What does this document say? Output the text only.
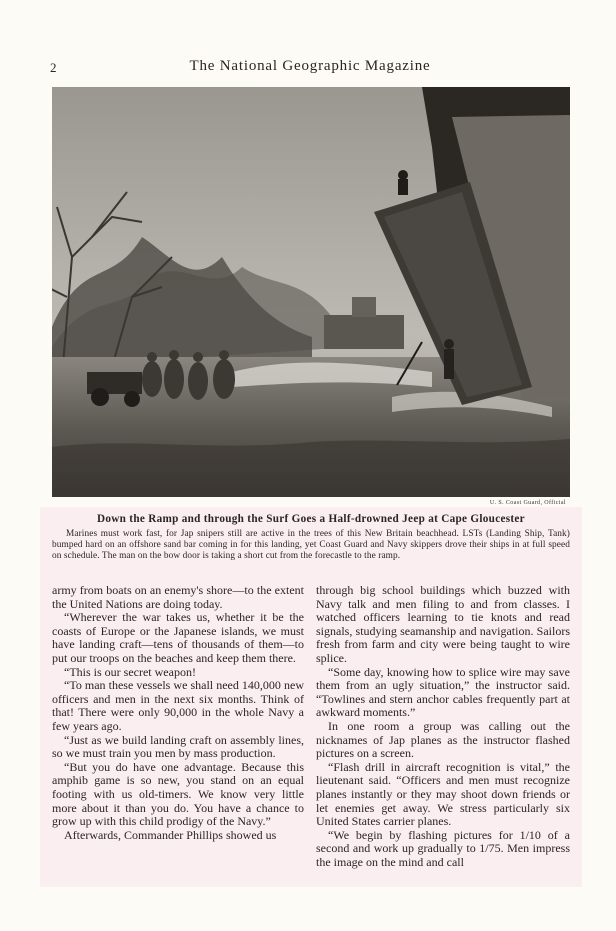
2	The National Geographic Magazine
U. S. Coast Guard, Official
Down the Ramp and through the Surf Goes a Half-drowned Jeep at Cape Gloucester

Marines must work fast, for Jap snipers still are active in the trees of this New Britain beachhead. LSTs (Landing Ship, Tank) bumped hard on an offshore sand bar coming in for this landing, yet Coast Guard and Navy skippers drove their ships in at full speed on schedule. The man on the bow door is taking a short cut from the forecastle to the ramp.

army from boats on an enemy's shore—to the extent the United Nations are doing today.

“Wherever the war takes us, whether it be the coasts of Europe or the Japanese islands, we must have landing craft—tens of thousands of them—to put our troops on the beaches and keep them there.

“This is our secret weapon!

“To man these vessels we shall need 140,000 new officers and men in the next six months. Think of that! There were only 90,000 in the whole Navy a few years ago.

“Just as we build landing craft on assembly lines, so we must train you men by mass production.

“But you do have one advantage. Because this amphib game is so new, you stand on an equal footing with us old-timers. We know very little more about it than you do. You have a chance to grow up with this child prodigy of the Navy.”

Afterwards, Commander Phillips showed us

through big school buildings which buzzed with Navy talk and men filing to and from classes. I watched officers learning to tie knots and read signals, studying seamanship and navigation. Sailors fresh from farm and city were being taught to wire splice.

“Some day, knowing how to splice wire may save them from an ugly situation,” the instructor said. “Towlines and stern anchor cables frequently part at awkward moments.”

In one room a group was calling out the nicknames of Jap planes as the instructor flashed pictures on a screen.

“Flash drill in aircraft recognition is vital,” the lieutenant said. “Officers and men must recognize planes instantly or they may shoot down friends or let enemies get away. We stress particularly six United States carrier planes.

“We begin by flashing pictures for 1/10 of a second and work up gradually to 1/75. Men impress the image on the mind and call
